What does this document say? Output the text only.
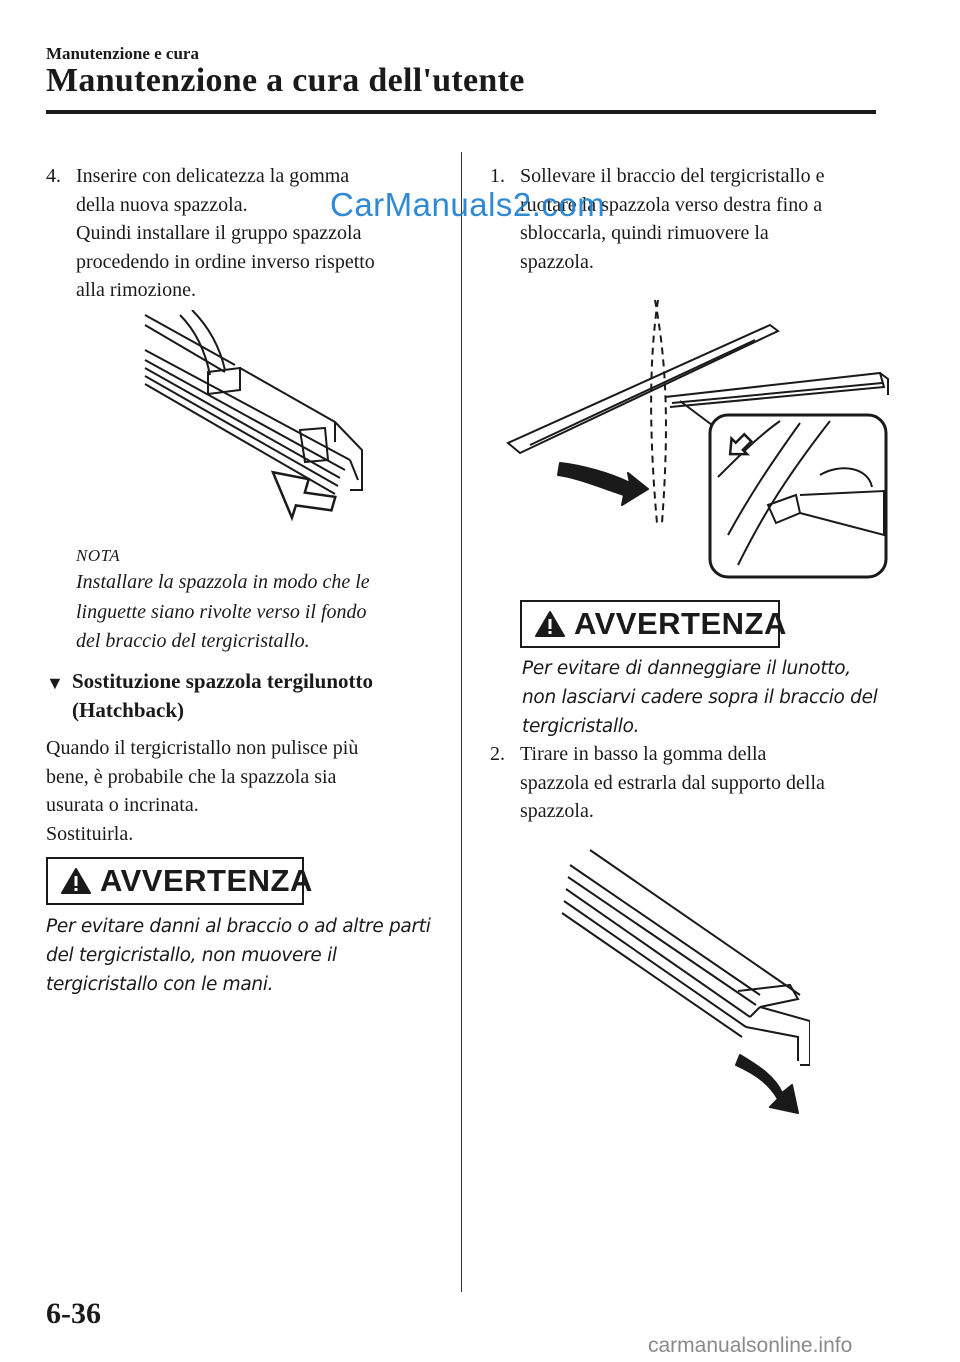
Manutenzione e cura
Manutenzione a cura dell'utente
4. Inserire con delicatezza la gomma

della nuova spazzola.

Quindi installare il gruppo spazzola

procedendo in ordine inverso rispetto

alla rimozione.

NOTA
Installare la spazzola in modo che le
linguette siano rivolte verso il fondo
del braccio del tergicristallo.
▼ Sostituzione spazzola tergilunotto
(Hatchback)
Quando il tergicristallo non pulisce più
bene, è probabile che la spazzola sia
usurata o incrinata.
Sostituirla.
AVVERTENZA
Per evitare danni al braccio o ad altre parti
del tergicristallo, non muovere il
tergicristallo con le mani.
1. Sollevare il braccio del tergicristallo e

ruotare la spazzola verso destra fino a

sbloccarla, quindi rimuovere la

spazzola.

AVVERTENZA
Per evitare di danneggiare il lunotto,
non lasciarvi cadere sopra il braccio del
tergicristallo.
2. Tirare in basso la gomma della

spazzola ed estrarla dal supporto della

spazzola.

CarManuals2.com
6-36
carmanualsonline.info
